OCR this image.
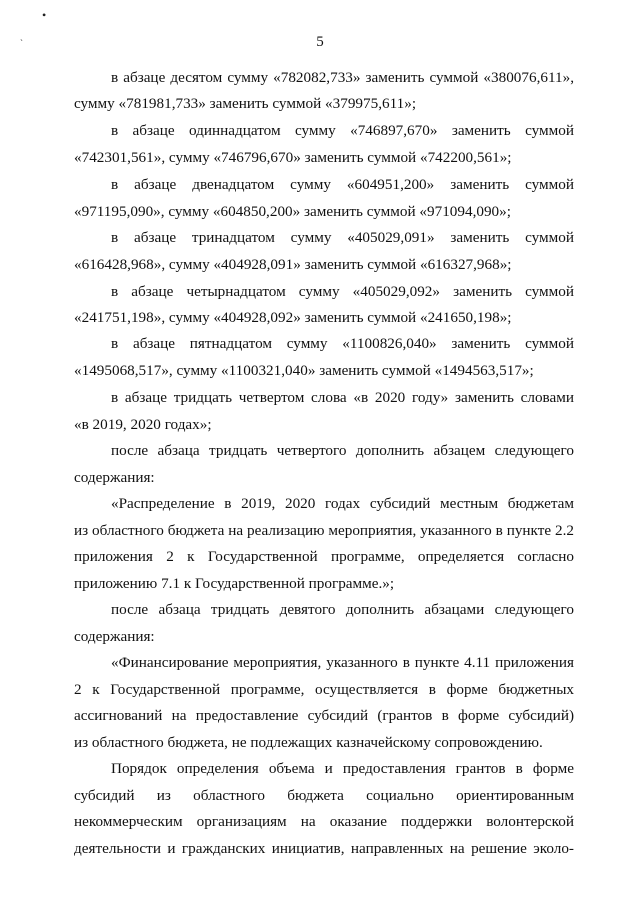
5
•
`
в абзаце десятом сумму «782082,733» заменить суммой «380076,611»,
сумму «781981,733» заменить суммой «379975,611»;
в абзаце одиннадцатом сумму «746897,670» заменить суммой
«742301,561», сумму «746796,670» заменить суммой «742200,561»;
в абзаце двенадцатом сумму «604951,200» заменить суммой
«971195,090», сумму «604850,200» заменить суммой «971094,090»;
в абзаце тринадцатом сумму «405029,091» заменить суммой
«616428,968», сумму «404928,091» заменить суммой «616327,968»;
в абзаце четырнадцатом сумму «405029,092» заменить суммой
«241751,198», сумму «404928,092» заменить суммой «241650,198»;
в абзаце пятнадцатом сумму «1100826,040» заменить суммой
«1495068,517», сумму «1100321,040» заменить суммой «1494563,517»;
в абзаце тридцать четвертом слова «в 2020 году» заменить словами
«в 2019, 2020 годах»;
после абзаца тридцать четвертого дополнить абзацем следующего
содержания:
«Распределение в 2019, 2020 годах субсидий местным бюджетам
из областного бюджета на реализацию мероприятия, указанного в пункте 2.2
приложения 2 к Государственной программе, определяется согласно
приложению 7.1 к Государственной программе.»;
после абзаца тридцать девятого дополнить абзацами следующего
содержания:
«Финансирование мероприятия, указанного в пункте 4.11 приложения
2 к Государственной программе, осуществляется в форме бюджетных
ассигнований на предоставление субсидий (грантов в форме субсидий)
из областного бюджета, не подлежащих казначейскому сопровождению.
Порядок определения объема и предоставления грантов в форме
субсидий из областного бюджета социально ориентированным
некоммерческим организациям на оказание поддержки волонтерской
деятельности и гражданских инициатив, направленных на решение эколо-
